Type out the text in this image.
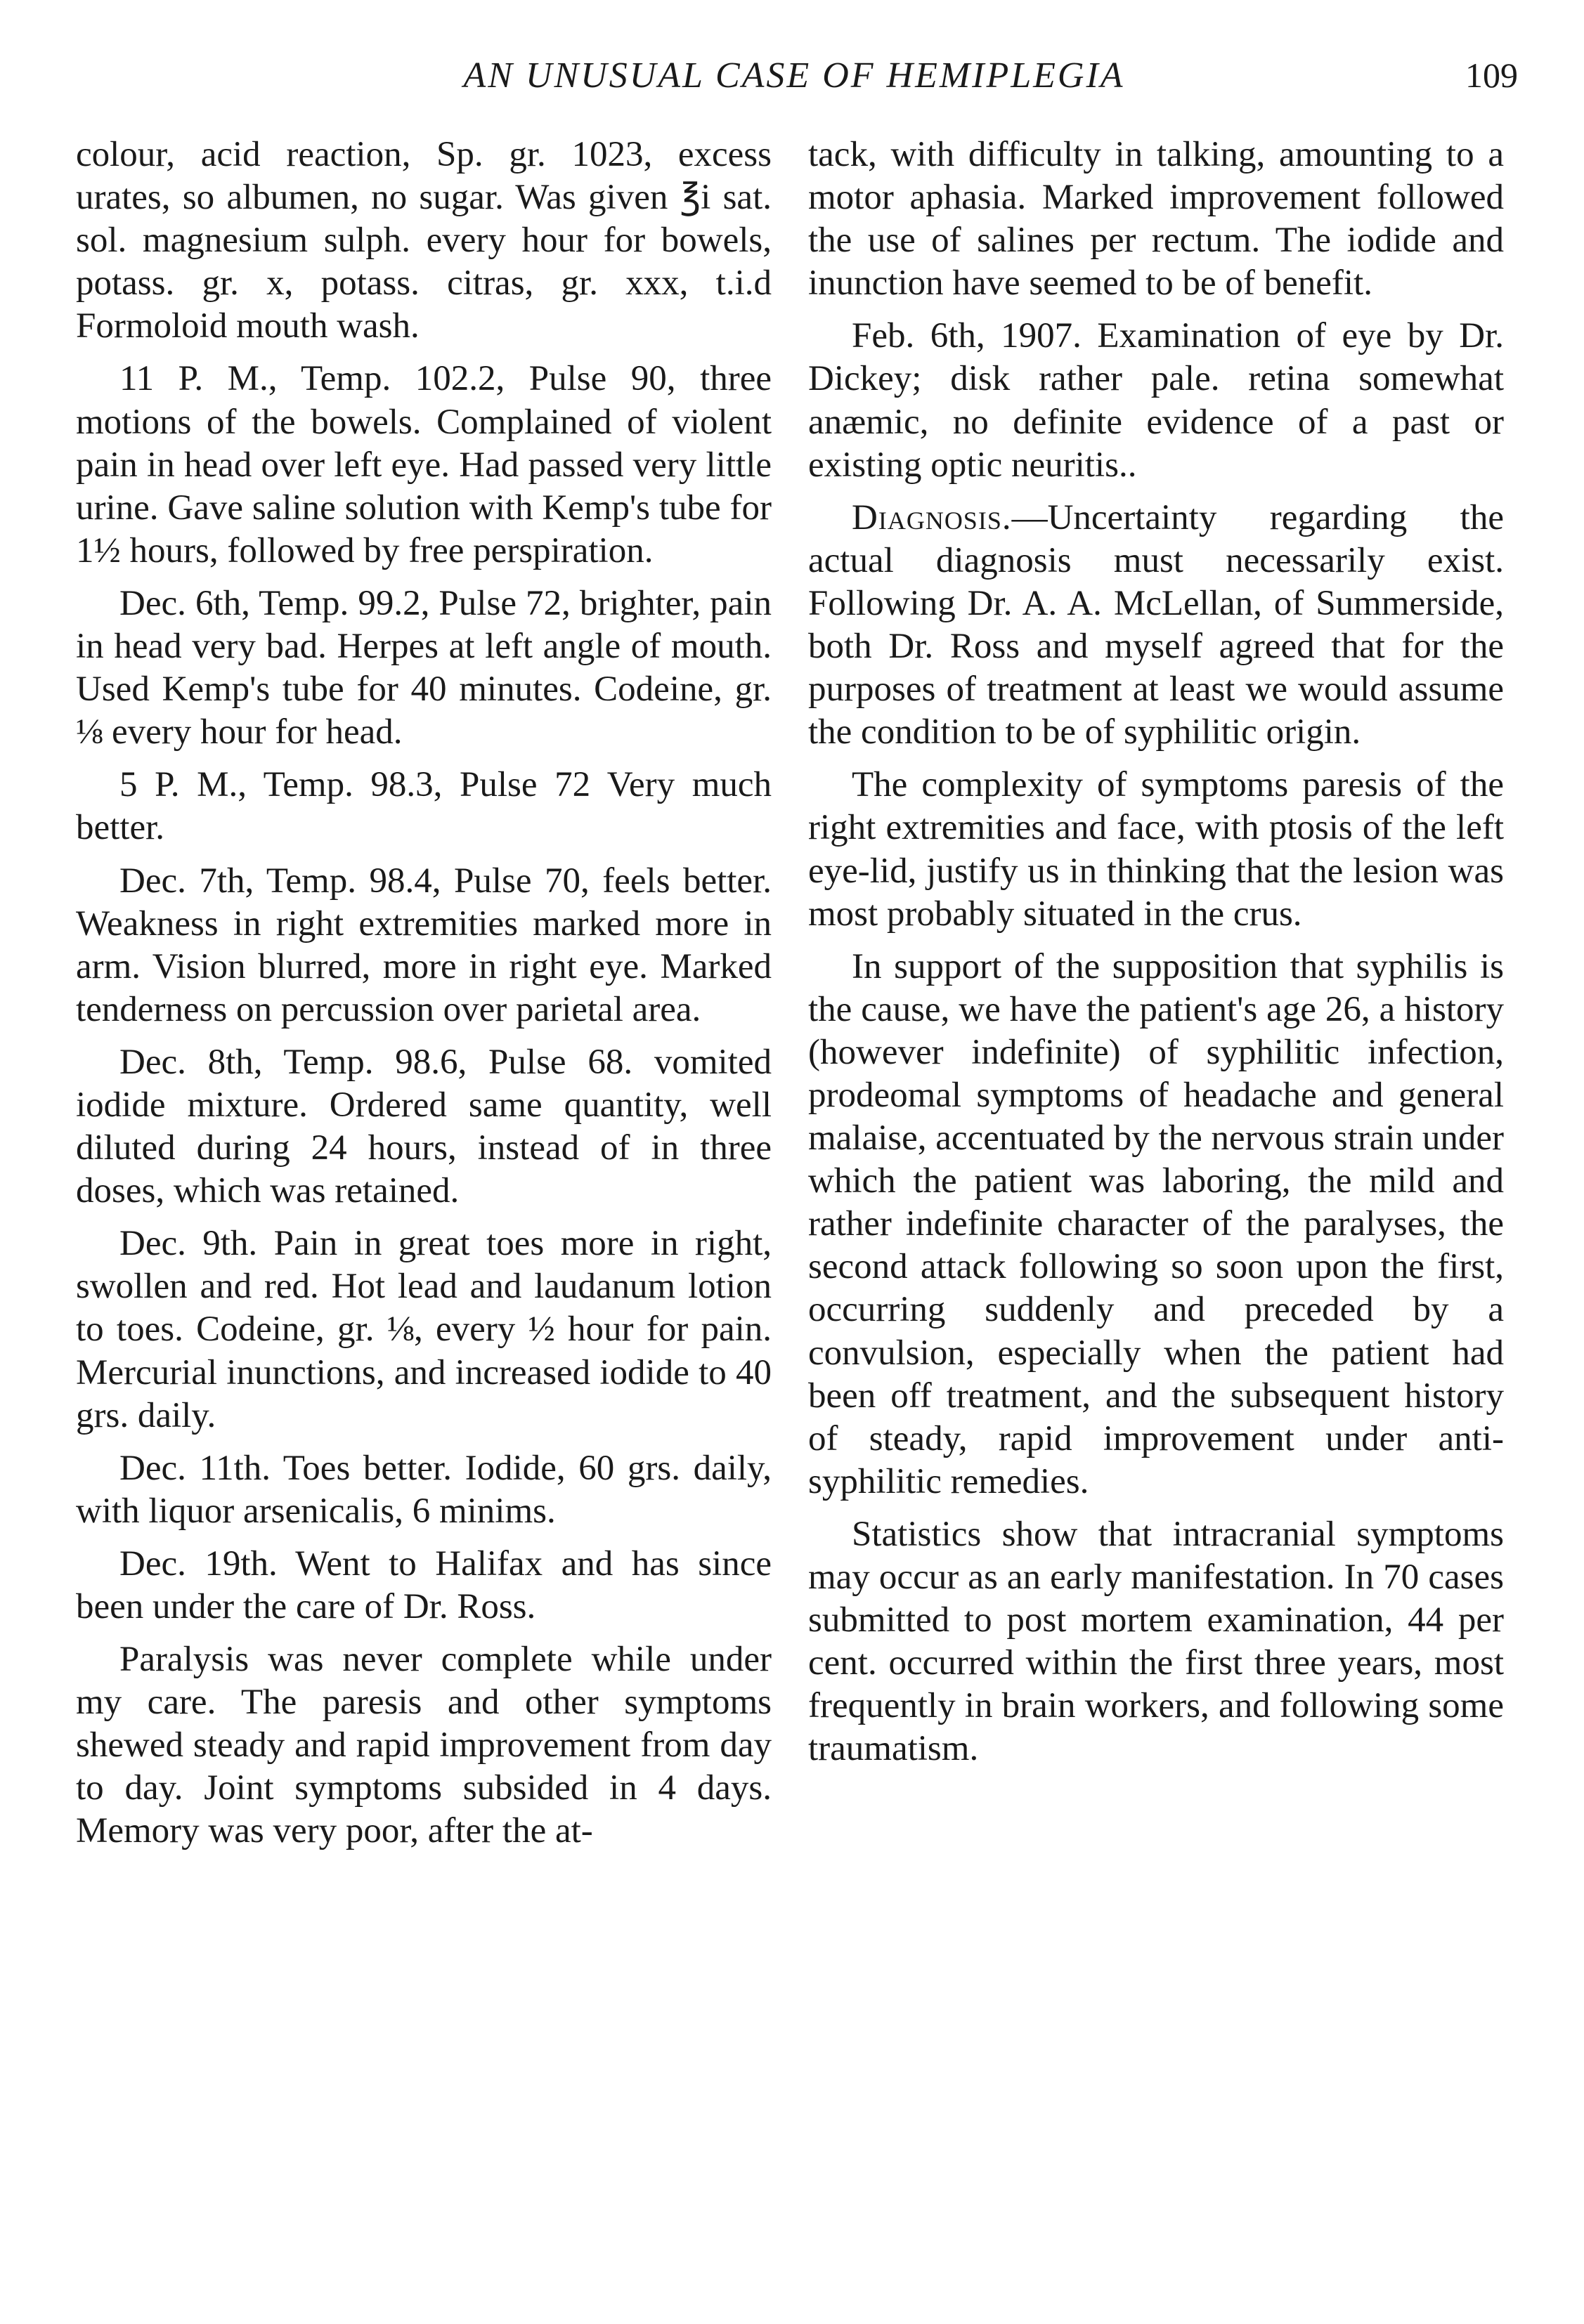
AN UNUSUAL CASE OF HEMIPLEGIA	109

colour, acid reaction, Sp. gr. 1023, excess urates, so albumen, no sugar. Was given ℥i sat. sol. magnesium sulph. every hour for bowels, potass. gr. x, potass. citras, gr. xxx, t.i.d Formoloid mouth wash.

11 P. M., Temp. 102.2, Pulse 90, three motions of the bowels. Complained of violent pain in head over left eye. Had passed very little urine. Gave saline solution with Kemp's tube for 1½ hours, followed by free perspiration.

Dec. 6th, Temp. 99.2, Pulse 72, brighter, pain in head very bad. Herpes at left angle of mouth. Used Kemp's tube for 40 minutes. Codeine, gr. ⅛ every hour for head.

5 P. M., Temp. 98.3, Pulse 72 Very much better.

Dec. 7th, Temp. 98.4, Pulse 70, feels better. Weakness in right extremities marked more in arm. Vision blurred, more in right eye. Marked tenderness on percussion over parietal area.

Dec. 8th, Temp. 98.6, Pulse 68. vomited iodide mixture. Ordered same quantity, well diluted during 24 hours, instead of in three doses, which was retained.

Dec. 9th. Pain in great toes more in right, swollen and red. Hot lead and laudanum lotion to toes. Codeine, gr. ⅛, every ½ hour for pain. Mercurial inunctions, and increased iodide to 40 grs. daily.

Dec. 11th. Toes better. Iodide, 60 grs. daily, with liquor arsenicalis, 6 minims.

Dec. 19th. Went to Halifax and has since been under the care of Dr. Ross.

Paralysis was never complete while under my care. The paresis and other symptoms shewed steady and rapid improvement from day to day. Joint symptoms subsided in 4 days. Memory was very poor, after the at-

tack, with difficulty in talking, amounting to a motor aphasia. Marked improvement followed the use of salines per rectum. The iodide and inunction have seemed to be of benefit.

Feb. 6th, 1907. Examination of eye by Dr. Dickey; disk rather pale. retina somewhat anæmic, no definite evidence of a past or existing optic neuritis..

Diagnosis.—Uncertainty regarding the actual diagnosis must necessarily exist. Following Dr. A. A. McLellan, of Summerside, both Dr. Ross and myself agreed that for the purposes of treatment at least we would assume the condition to be of syphilitic origin.

The complexity of symptoms paresis of the right extremities and face, with ptosis of the left eye-lid, justify us in thinking that the lesion was most probably situated in the crus.

In support of the supposition that syphilis is the cause, we have the patient's age 26, a history (however indefinite) of syphilitic infection, prodeomal symptoms of headache and general malaise, accentuated by the nervous strain under which the patient was laboring, the mild and rather indefinite character of the paralyses, the second attack following so soon upon the first, occurring suddenly and preceded by a convulsion, especially when the patient had been off treatment, and the subsequent history of steady, rapid improvement under anti-syphilitic remedies.

Statistics show that intracranial symptoms may occur as an early manifestation. In 70 cases submitted to post mortem examination, 44 per cent. occurred within the first three years, most frequently in brain workers, and following some traumatism.
